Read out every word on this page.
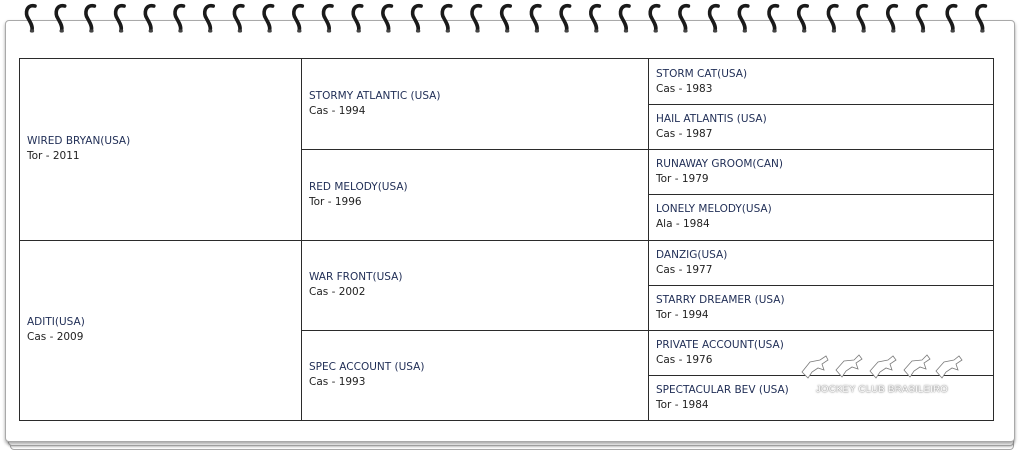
WIRED BRYAN(USA)
Tor - 2011
ADITI(USA)
Cas - 2009
STORMY ATLANTIC (USA)
Cas - 1994
RED MELODY(USA)
Tor - 1996
WAR FRONT(USA)
Cas - 2002
SPEC ACCOUNT (USA)
Cas - 1993
STORM CAT(USA)
Cas - 1983
HAIL ATLANTIS (USA)
Cas - 1987
RUNAWAY GROOM(CAN)
Tor - 1979
LONELY MELODY(USA)
Ala - 1984
DANZIG(USA)
Cas - 1977
STARRY DREAMER (USA)
Tor - 1994
PRIVATE ACCOUNT(USA)
Cas - 1976
SPECTACULAR BEV (USA)
Tor - 1984
JOCKEY CLUB BRASILEIRO
